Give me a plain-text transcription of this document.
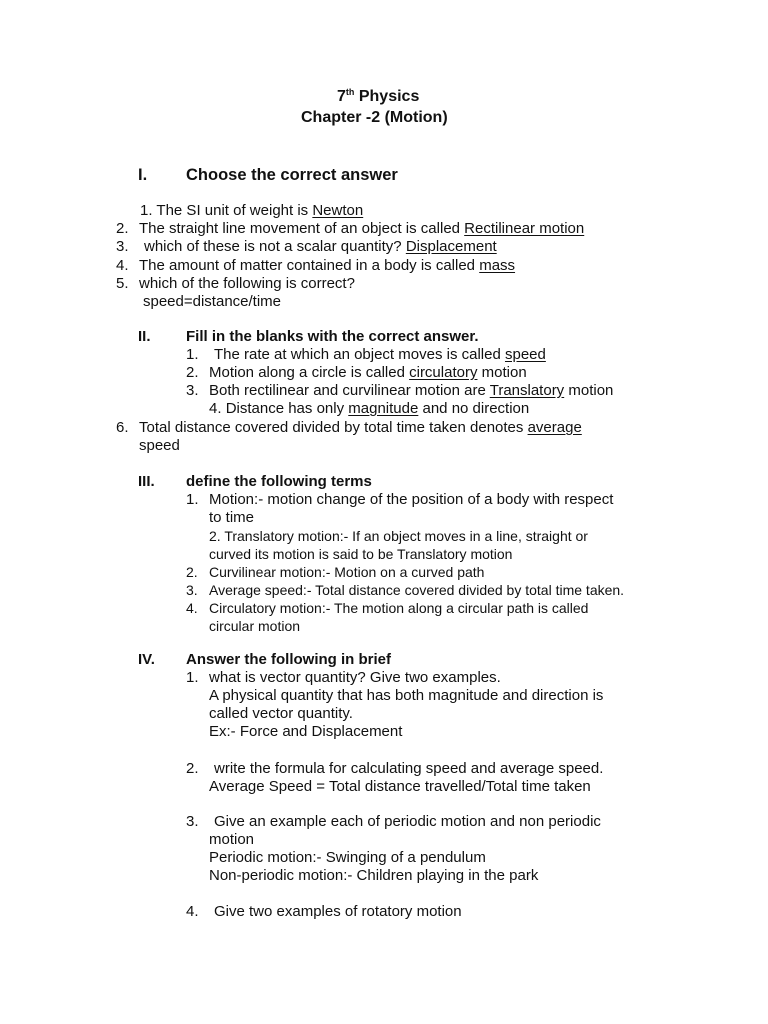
7th Physics
Chapter -2 (Motion)
I. Choose the correct answer
1. The SI unit of weight is Newton
2. The straight line movement of an object is called Rectilinear motion
3. which of these is not a scalar quantity? Displacement
4. The amount of matter contained in a body is called mass
5. which of the following is correct?
speed=distance/time
II. Fill in the blanks with the correct answer.
1. The rate at which an object moves is called speed
2. Motion along a circle is called circulatory motion
3. Both rectilinear and curvilinear motion are Translatory motion
4. Distance has only magnitude and no direction
6. Total distance covered divided by total time taken denotes average
speed
III. define the following terms
1. Motion:- motion change of the position of a body with respect
to time
2. Translatory motion:- If an object moves in a line, straight or
curved its motion is said to be Translatory motion
2. Curvilinear motion:- Motion on a curved path
3. Average speed:- Total distance covered divided by total time taken.
4. Circulatory motion:- The motion along a circular path is called
circular motion
IV. Answer the following in brief
1. what is vector quantity? Give two examples.
A physical quantity that has both magnitude and direction is
called vector quantity.
Ex:- Force and Displacement
2. write the formula for calculating speed and average speed.
Average Speed = Total distance travelled/Total time taken
3. Give an example each of periodic motion and non periodic
motion
Periodic motion:- Swinging of a pendulum
Non-periodic motion:- Children playing in the park
4. Give two examples of rotatory motion
